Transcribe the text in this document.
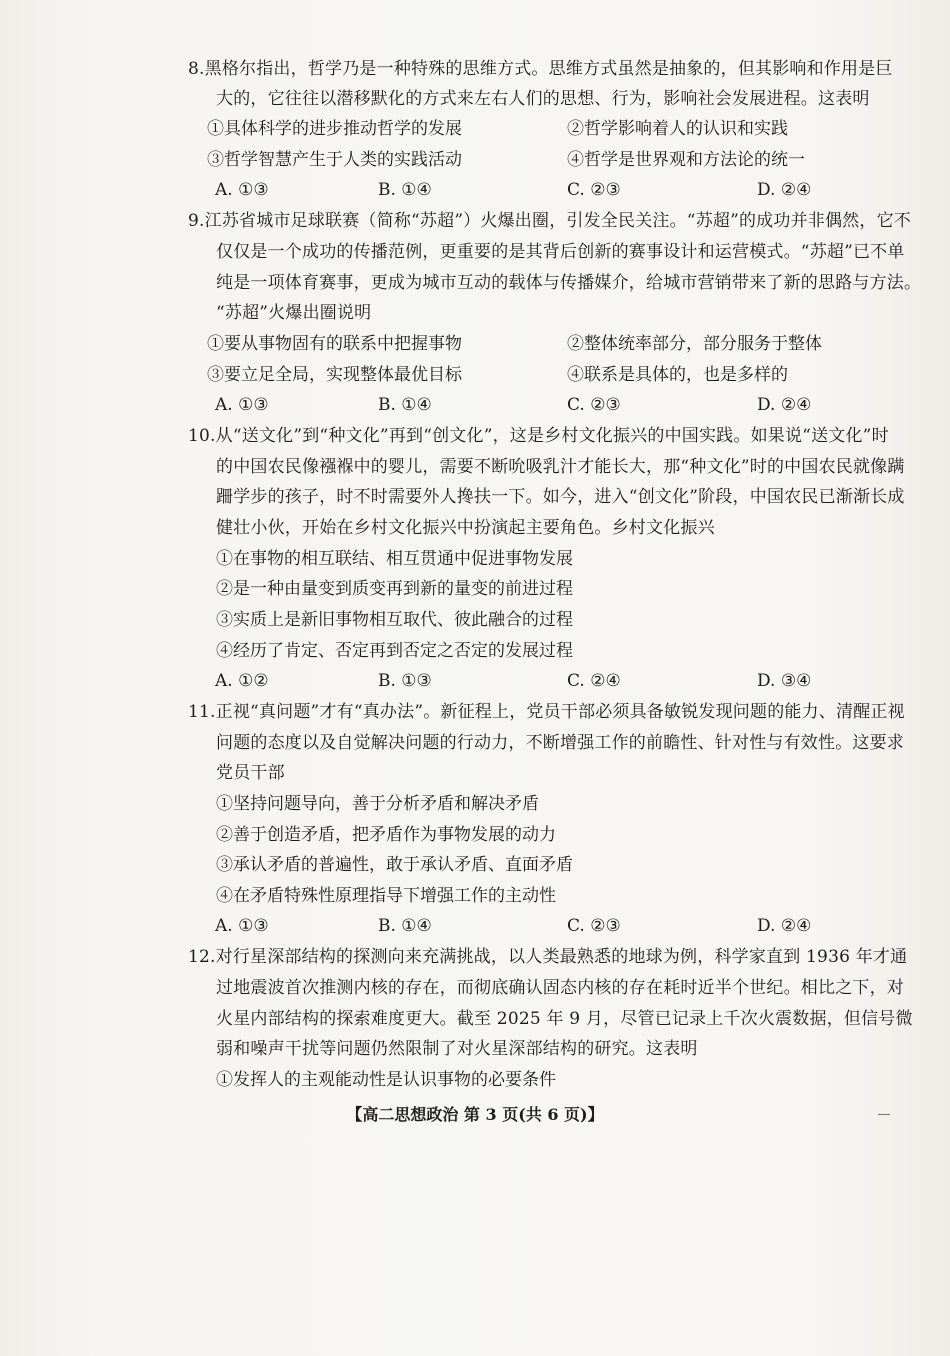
8.黑格尔指出，哲学乃是一种特殊的思维方式。思维方式虽然是抽象的，但其影响和作用是巨
大的，它往往以潜移默化的方式来左右人们的思想、行为，影响社会发展进程。这表明
①具体科学的进步推动哲学的发展	②哲学影响着人的认识和实践
③哲学智慧产生于人类的实践活动	④哲学是世界观和方法论的统一
A. ①③	B. ①④	C. ②③	D. ②④
9.江苏省城市足球联赛（简称“苏超”）火爆出圈，引发全民关注。“苏超”的成功并非偶然，它不
仅仅是一个成功的传播范例，更重要的是其背后创新的赛事设计和运营模式。“苏超”已不单
纯是一项体育赛事，更成为城市互动的载体与传播媒介，给城市营销带来了新的思路与方法。
“苏超”火爆出圈说明
①要从事物固有的联系中把握事物	②整体统率部分，部分服务于整体
③要立足全局，实现整体最优目标	④联系是具体的，也是多样的
A. ①③	B. ①④	C. ②③	D. ②④
10.从“送文化”到“种文化”再到“创文化”，这是乡村文化振兴的中国实践。如果说“送文化”时
的中国农民像襁褓中的婴儿，需要不断吮吸乳汁才能长大，那“种文化”时的中国农民就像蹒
跚学步的孩子，时不时需要外人搀扶一下。如今，进入“创文化”阶段，中国农民已渐渐长成
健壮小伙，开始在乡村文化振兴中扮演起主要角色。乡村文化振兴
①在事物的相互联结、相互贯通中促进事物发展
②是一种由量变到质变再到新的量变的前进过程
③实质上是新旧事物相互取代、彼此融合的过程
④经历了肯定、否定再到否定之否定的发展过程
A. ①②	B. ①③	C. ②④	D. ③④
11.正视“真问题”才有“真办法”。新征程上，党员干部必须具备敏锐发现问题的能力、清醒正视
问题的态度以及自觉解决问题的行动力，不断增强工作的前瞻性、针对性与有效性。这要求
党员干部
①坚持问题导向，善于分析矛盾和解决矛盾
②善于创造矛盾，把矛盾作为事物发展的动力
③承认矛盾的普遍性，敢于承认矛盾、直面矛盾
④在矛盾特殊性原理指导下增强工作的主动性
A. ①③	B. ①④	C. ②③	D. ②④
12.对行星深部结构的探测向来充满挑战，以人类最熟悉的地球为例，科学家直到 1936 年才通
过地震波首次推测内核的存在，而彻底确认固态内核的存在耗时近半个世纪。相比之下，对
火星内部结构的探索难度更大。截至 2025 年 9 月，尽管已记录上千次火震数据，但信号微
弱和噪声干扰等问题仍然限制了对火星深部结构的研究。这表明
①发挥人的主观能动性是认识事物的必要条件
【高二思想政治 第 3 页(共 6 页)】
